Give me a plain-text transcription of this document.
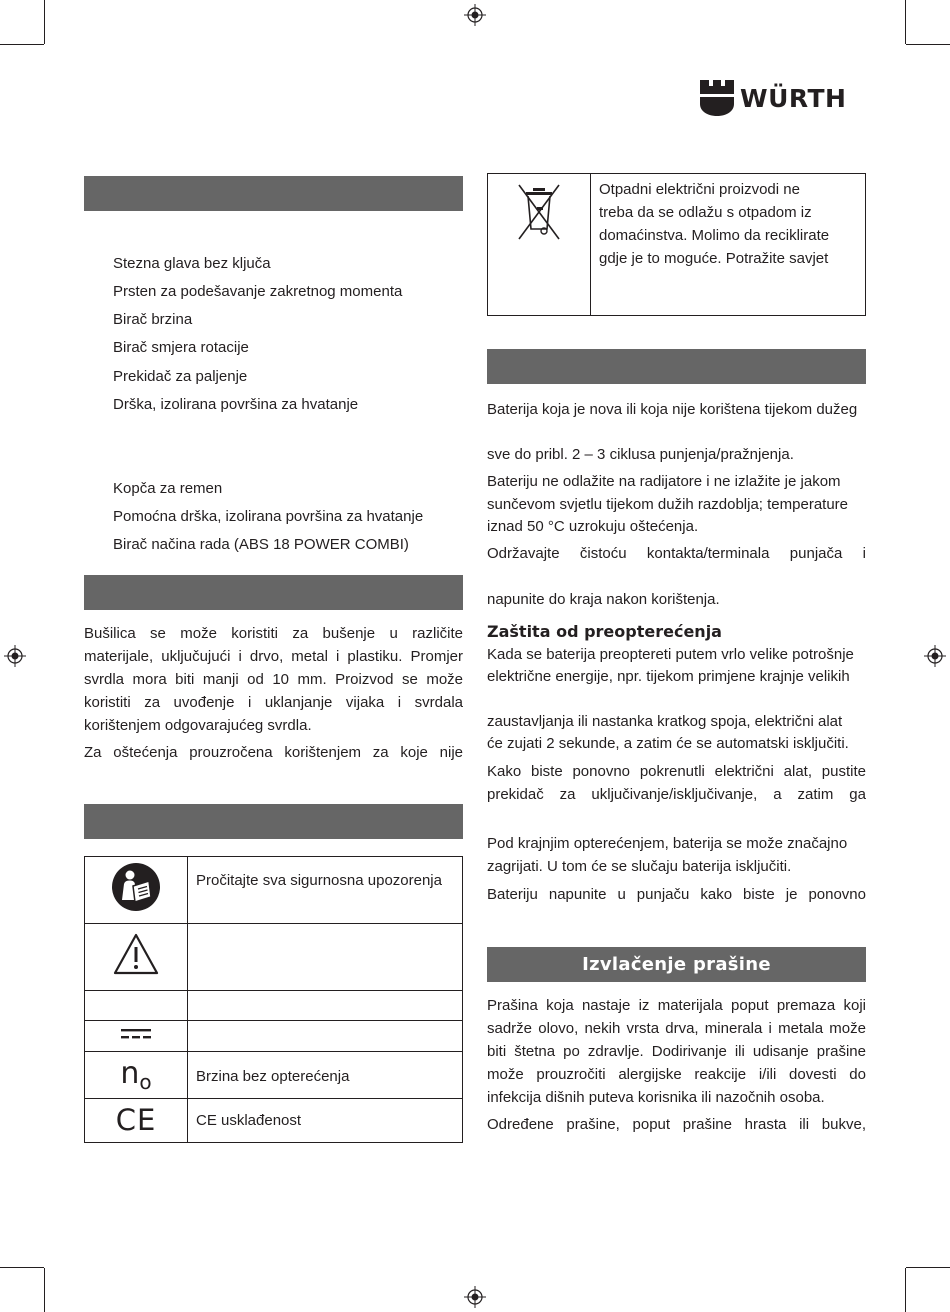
WÜRTH
Stezna glava bez ključa
Prsten za podešavanje zakretnog momenta
Birač brzina
Birač smjera rotacije
Prekidač za paljenje
Drška, izolirana površina za hvatanje
Kopča za remen
Pomoćna drška, izolirana površina za hvatanje
Birač načina rada (ABS 18 POWER COMBI)
Bušilica se može koristiti za bušenje u različite
materijale, uključujući i drvo, metal i plastiku. Promjer
svrdla mora biti manji od 10 mm. Proizvod se može
koristiti za uvođenje i uklanjanje vijaka i svrdala
korištenjem odgovarajućeg svrdla.
Za oštećenja prouzročena korištenjem za koje nije
	Pročitajte sva sigurnosna upozorenja

$n_o$	Brzina bez opterećenja
CE	CE usklađenost

Otpadni električni proizvodi ne
treba da se odlažu s otpadom iz
domaćinstva. Molimo da reciklirate
gdje je to moguće. Potražite savjet
Baterija koja je nova ili koja nije korištena tijekom dužeg
sve do pribl. 2 – 3 ciklusa punjenja/pražnjenja.
Bateriju ne odlažite na radijatore i ne izlažite je jakom
sunčevom svjetlu tijekom dužih razdoblja; temperature
iznad 50 °C uzrokuju oštećenja.
Održavajte čistoću kontakta/terminala punjača i
napunite do kraja nakon korištenja.
Zaštita od preopterećenja
Kada se baterija preoptereti putem vrlo velike potrošnje
električne energije, npr. tijekom primjene krajnje velikih
zaustavljanja ili nastanka kratkog spoja, električni alat
će zujati 2 sekunde, a zatim će se automatski isključiti.
Kako biste ponovno pokrenutli električni alat, pustite
prekidač za uključivanje/isključivanje, a zatim ga
Pod krajnjim opterećenjem, baterija se može značajno
zagrijati. U tom će se slučaju baterija isključiti.
Bateriju napunite u punjaču kako biste je ponovno
Izvlačenje prašine
Prašina koja nastaje iz materijala poput premaza koji
sadrže olovo, nekih vrsta drva, minerala i metala može
biti štetna po zdravlje. Dodirivanje ili udisanje prašine
može prouzročiti alergijske reakcije i/ili dovesti do
infekcija dišnih puteva korisnika ili nazočnih osoba.
Određene prašine, poput prašine hrasta ili bukve,
